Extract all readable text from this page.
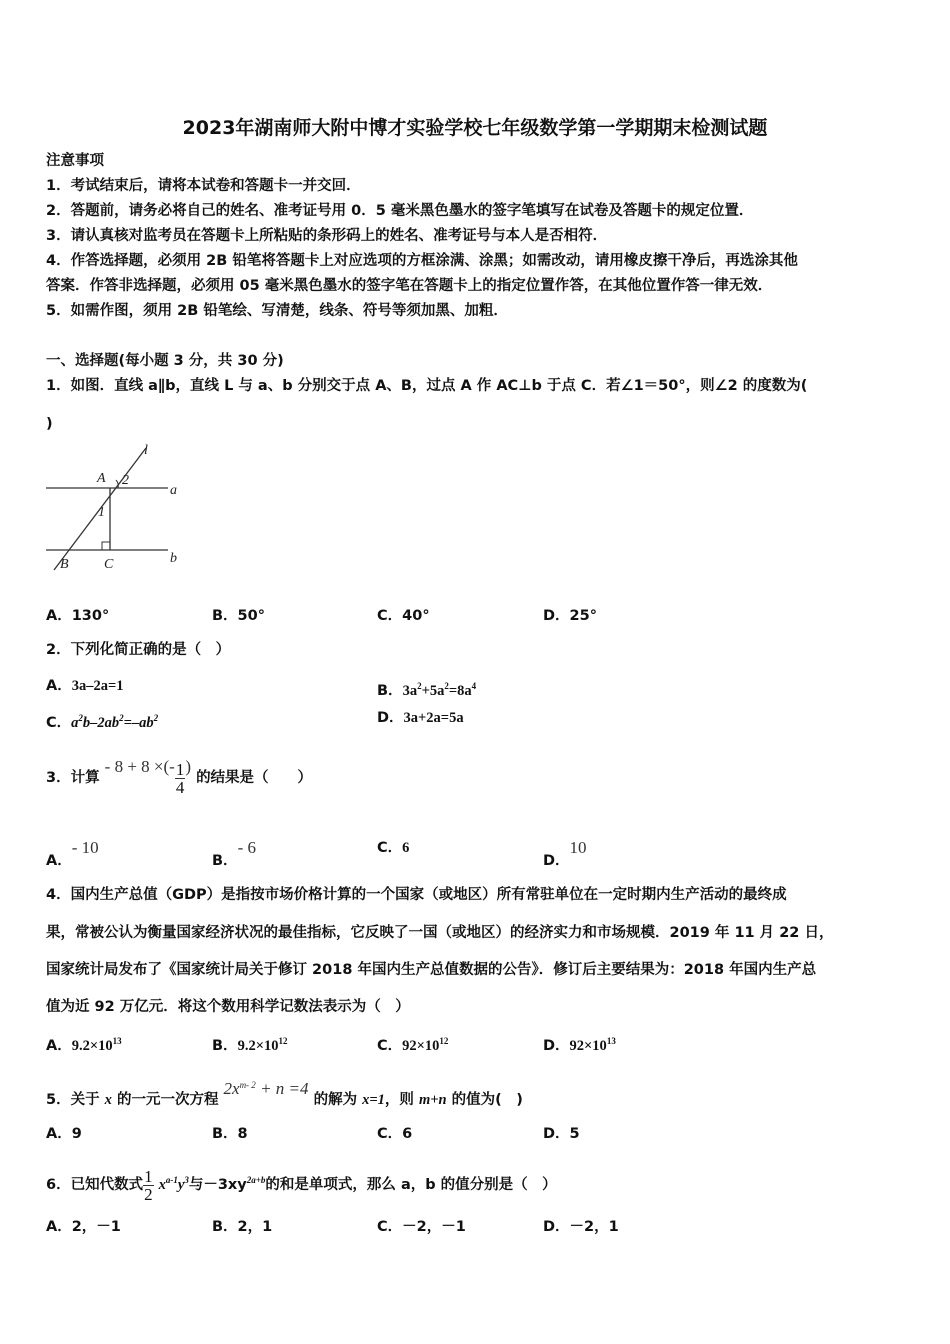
2023年湖南师大附中博才实验学校七年级数学第一学期期末检测试题
注意事项
1．考试结束后，请将本试卷和答题卡一并交回．
2．答题前，请务必将自己的姓名、准考证号用 0．5 毫米黑色墨水的签字笔填写在试卷及答题卡的规定位置．
3．请认真核对监考员在答题卡上所粘贴的条形码上的姓名、准考证号与本人是否相符．
4．作答选择题，必须用 2B 铅笔将答题卡上对应选项的方框涂满、涂黑；如需改动，请用橡皮擦干净后，再选涂其他
答案．作答非选择题，必须用 05 毫米黑色墨水的签字笔在答题卡上的指定位置作答，在其他位置作答一律无效．
5．如需作图，须用 2B 铅笔绘、写清楚，线条、符号等须加黑、加粗．
一、选择题(每小题 3 分，共 30 分)
1．如图．直线 a∥b，直线 L 与 a、b 分别交于点 A、B，过点 A 作 AC⊥b 于点 C．若∠1＝50°，则∠2 的度数为(
)
l
A 2
a
1
B	C	b
A．130°	B．50°	C．40°	D．25°
2．下列化简正确的是（　）
A．3a–2a=1	B．$3a^2+5a^2=8a^4$
C．$a^2b-2ab^2=-ab^2$	D．3a+2a=5a
3．计算 - 8 + 8 ×(- $\frac{1}{4}$ ) 的结果是（　　）
A．- 10
B．- 6	C．6
D．10
4．国内生产总值（GDP）是指按市场价格计算的一个国家（或地区）所有常驻单位在一定时期内生产活动的最终成
果，常被公认为衡量国家经济状况的最佳指标，它反映了一国（或地区）的经济实力和市场规模．2019 年 11 月 22 日，
国家统计局发布了《国家统计局关于修订 2018 年国内生产总值数据的公告》．修订后主要结果为：2018 年国内生产总
值为近 92 万亿元．将这个数用科学记数法表示为（　）
A．$9.2\times 10^{13}$	B．$9.2\times 10^{12}$	C．$92\times 10^{12}$	D．$92\times 10^{13}$
5．关于 x 的一元一次方程 $2x^{m- 2} + n =4$ 的解为 x=1，则 m+n 的值为(　)
A．9	B．8	C．6	D．5
6．已知代数式 $\frac{1}{2} x^{a-1}y^3$与$-3xy^{2a+b}$的和是单项式，那么 a，b 的值分别是（　）
A．2，－1	B．2，1	C．－2，－1	D．－2，1
